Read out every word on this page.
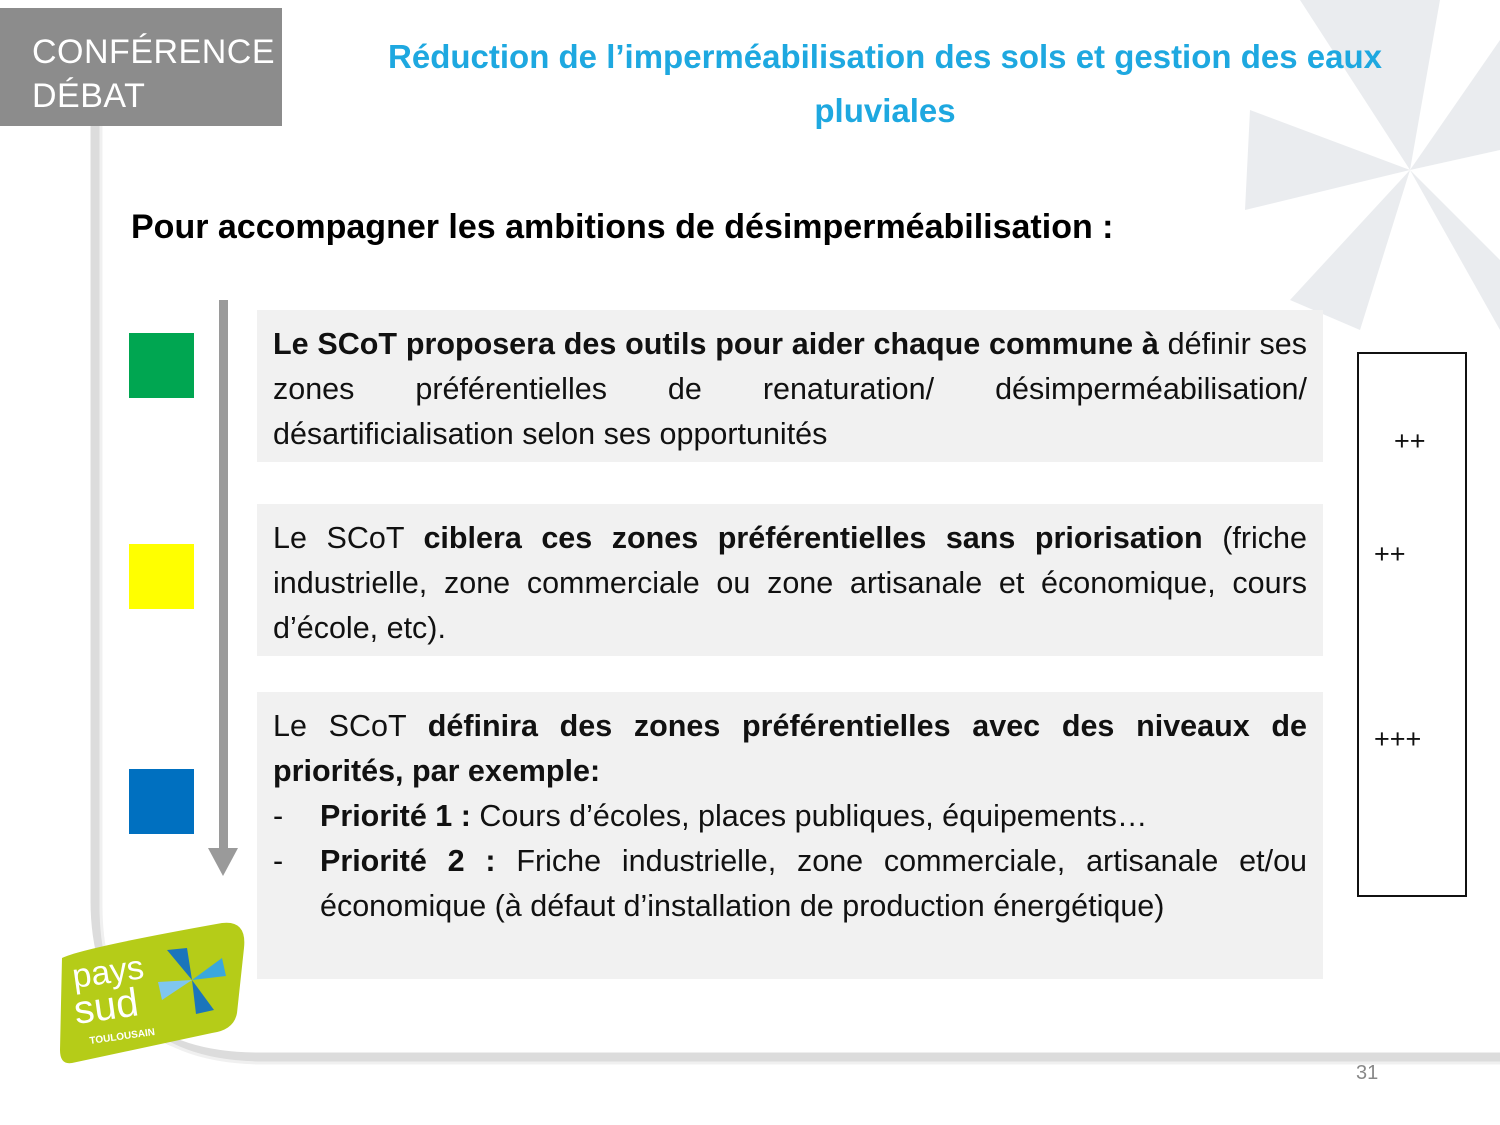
CONFÉRENCE
DÉBAT
Réduction de l’imperméabilisation des sols et gestion des eaux pluviales
Pour accompagner les ambitions de désimperméabilisation :
Le SCoT proposera des outils pour aider chaque commune à définir ses zones préférentielles de renaturation/ désimperméabilisation/ désartificialisation selon ses opportunités
Le SCoT ciblera ces zones préférentielles sans priorisation (friche industrielle, zone commerciale ou zone artisanale et économique, cours d’école, etc).
Le SCoT définira des zones préférentielles avec des niveaux de priorités, par exemple:
-	Priorité 1 : Cours d’écoles, places publiques, équipements…
-	Priorité 2 : Friche industrielle, zone commerciale, artisanale et/ou économique (à défaut d’installation de production énergétique)
++
++
+++
pays
sud
TOULOUSAIN
31
